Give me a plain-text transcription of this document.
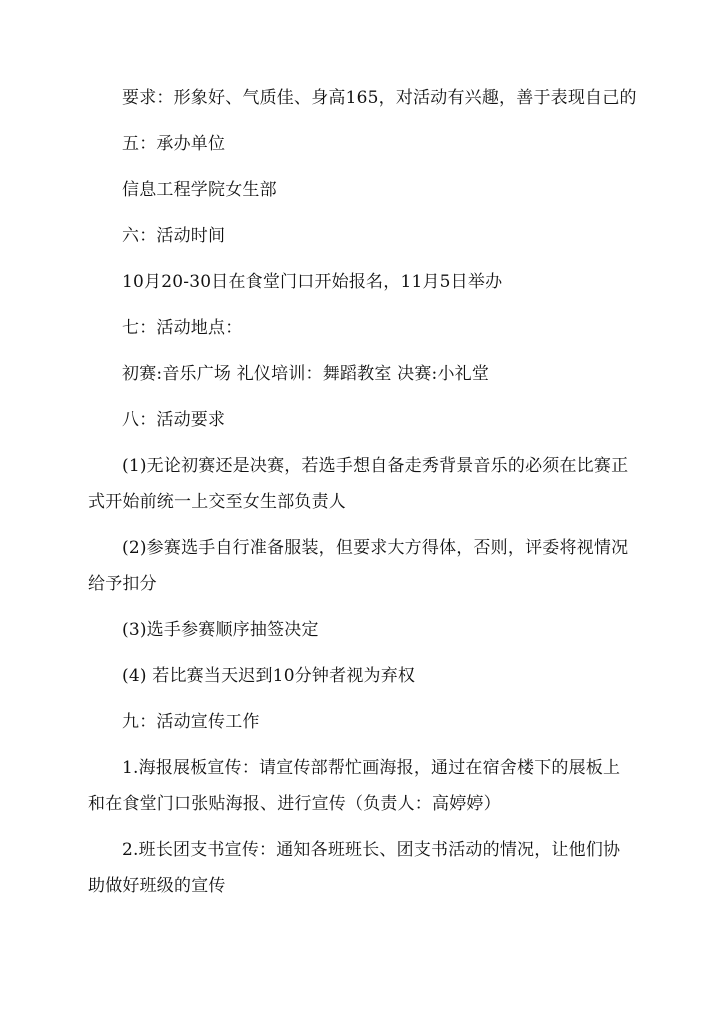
要求：形象好、气质佳、身高165，对活动有兴趣，善于表现自己的
五：承办单位
信息工程学院女生部
六：活动时间
10月20-30日在食堂门口开始报名，11月5日举办
七：活动地点：
初赛:音乐广场 礼仪培训：舞蹈教室 决赛:小礼堂
八：活动要求
(1)无论初赛还是决赛，若选手想自备走秀背景音乐的必须在比赛正
式开始前统一上交至女生部负责人
(2)参赛选手自行准备服装，但要求大方得体，否则，评委将视情况
给予扣分
(3)选手参赛顺序抽签决定
(4) 若比赛当天迟到10分钟者视为弃权
九：活动宣传工作
1.海报展板宣传：请宣传部帮忙画海报，通过在宿舍楼下的展板上
和在食堂门口张贴海报、进行宣传（负责人：高婷婷）
2.班长团支书宣传：通知各班班长、团支书活动的情况，让他们协
助做好班级的宣传
